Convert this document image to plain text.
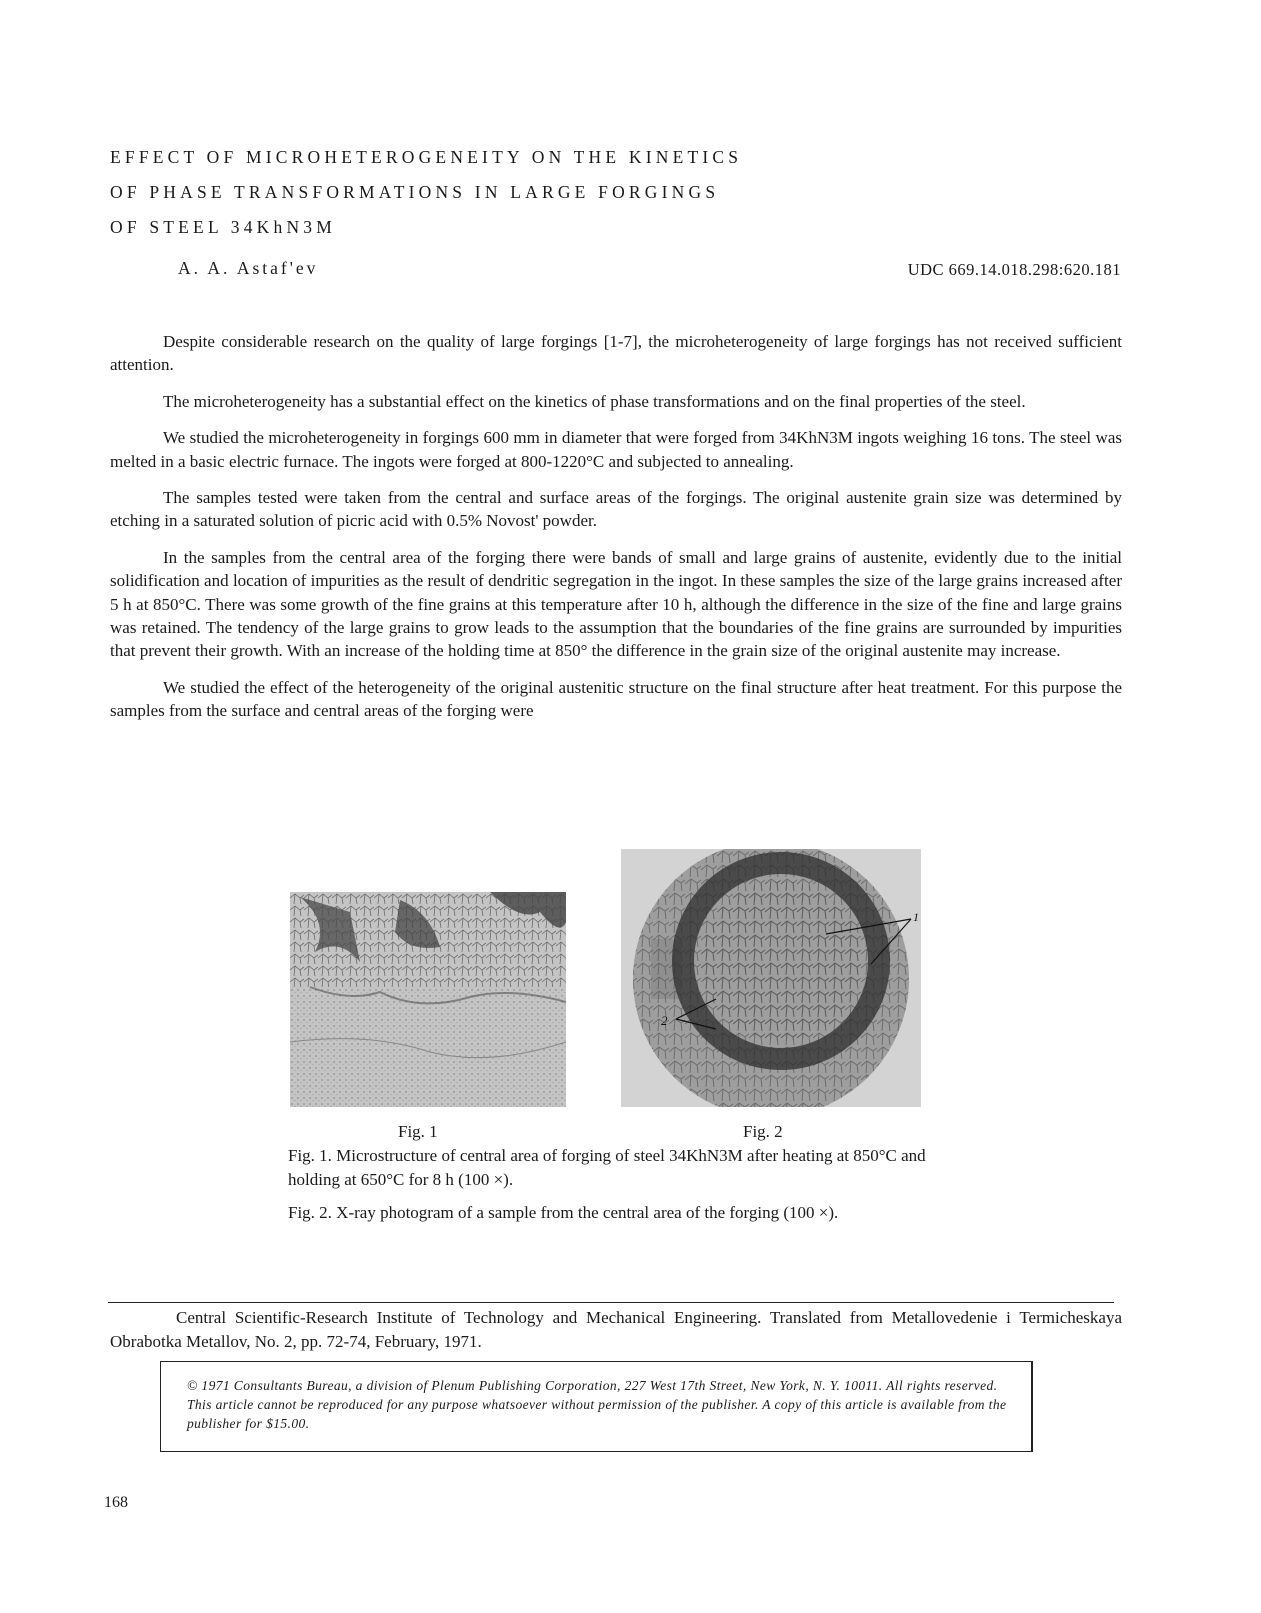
EFFECT OF MICROHETEROGENEITY ON THE KINETICS
OF PHASE TRANSFORMATIONS IN LARGE FORGINGS
OF STEEL 34KhN3M
A. A. Astaf'ev	UDC 669.14.018.298:620.181

Despite considerable research on the quality of large forgings [1-7], the microheterogeneity of large forgings has not received sufficient attention.

The microheterogeneity has a substantial effect on the kinetics of phase transformations and on the final properties of the steel.

We studied the microheterogeneity in forgings 600 mm in diameter that were forged from 34KhN3M ingots weighing 16 tons. The steel was melted in a basic electric furnace. The ingots were forged at 800-1220°C and subjected to annealing.

The samples tested were taken from the central and surface areas of the forgings. The original austenite grain size was determined by etching in a saturated solution of picric acid with 0.5% Novost' powder.

In the samples from the central area of the forging there were bands of small and large grains of austenite, evidently due to the initial solidification and location of impurities as the result of dendritic segregation in the ingot. In these samples the size of the large grains increased after 5 h at 850°C. There was some growth of the fine grains at this temperature after 10 h, although the difference in the size of the fine and large grains was retained. The tendency of the large grains to grow leads to the assumption that the boundaries of the fine grains are surrounded by impurities that prevent their growth. With an increase of the holding time at 850° the difference in the grain size of the original austenite may increase.

We studied the effect of the heterogeneity of the original austenitic structure on the final structure after heat treatment. For this purpose the samples from the surface and central areas of the forging were

1
2
Fig. 1	Fig. 2

Fig. 1. Microstructure of central area of forging of steel 34KhN3M after heating at 850°C and holding at 650°C for 8 h (100 ×).

Fig. 2. X-ray photogram of a sample from the central area of the forging (100 ×).

Central Scientific-Research Institute of Technology and Mechanical Engineering. Translated from Metallovedenie i Termicheskaya Obrabotka Metallov, No. 2, pp. 72-74, February, 1971.
© 1971 Consultants Bureau, a division of Plenum Publishing Corporation, 227 West 17th Street, New York, N. Y. 10011. All rights reserved. This article cannot be reproduced for any purpose whatsoever without permission of the publisher. A copy of this article is available from the publisher for $15.00.
168
